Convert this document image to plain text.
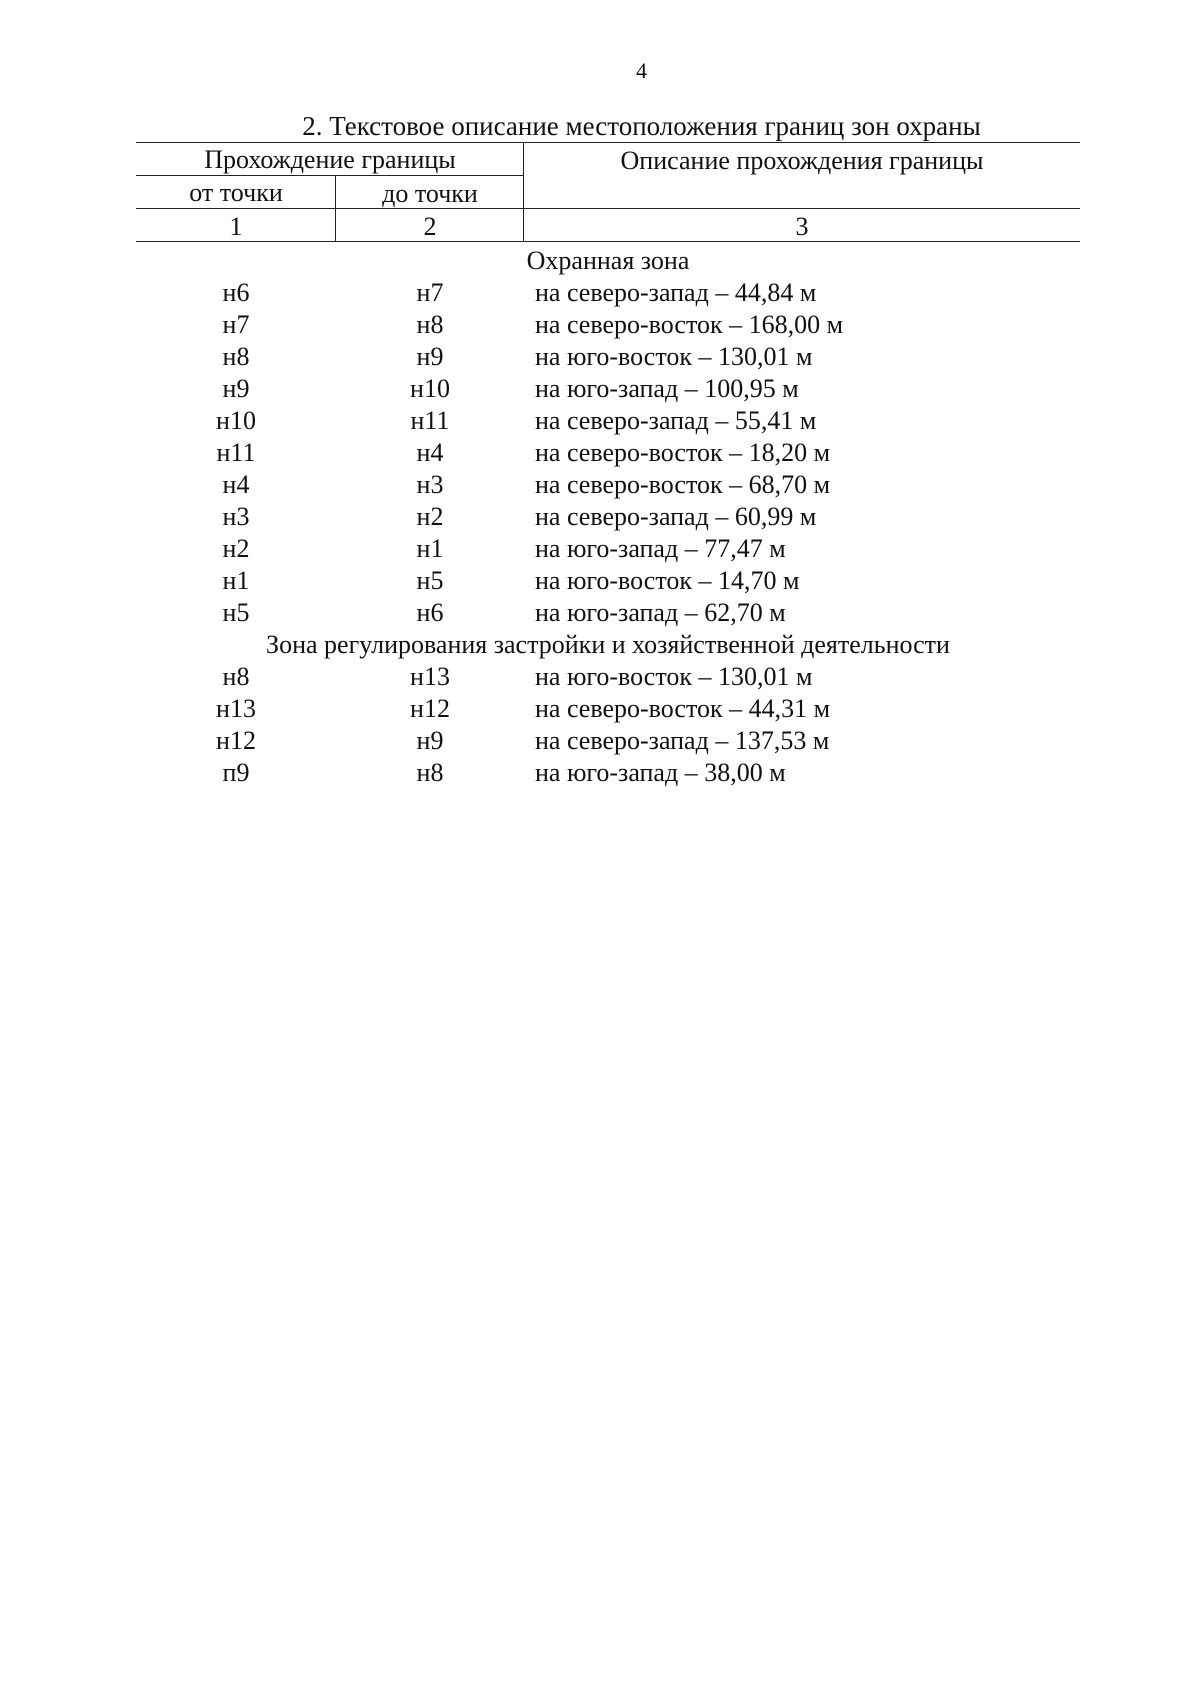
4
2. Текстовое описание местоположения границ зон охраны
Прохождение границы
от точки	до точки
Описание прохождения границы
1	2	3
Охранная зона
н6	н7	на северо-запад – 44,84 м
н7	н8	на северо-восток – 168,00 м
н8	н9	на юго-восток – 130,01 м
н9	н10	на юго-запад – 100,95 м
н10	н11	на северо-запад – 55,41 м
н11	н4	на северо-восток – 18,20 м
н4	н3	на северо-восток – 68,70 м
н3	н2	на северо-запад – 60,99 м
н2	н1	на юго-запад – 77,47 м
н1	н5	на юго-восток – 14,70 м
н5	н6	на юго-запад – 62,70 м
Зона регулирования застройки и хозяйственной деятельности
н8	н13	на юго-восток – 130,01 м
н13	н12	на северо-восток – 44,31 м
н12	н9	на северо-запад – 137,53 м
п9	н8	на юго-запад – 38,00 м
